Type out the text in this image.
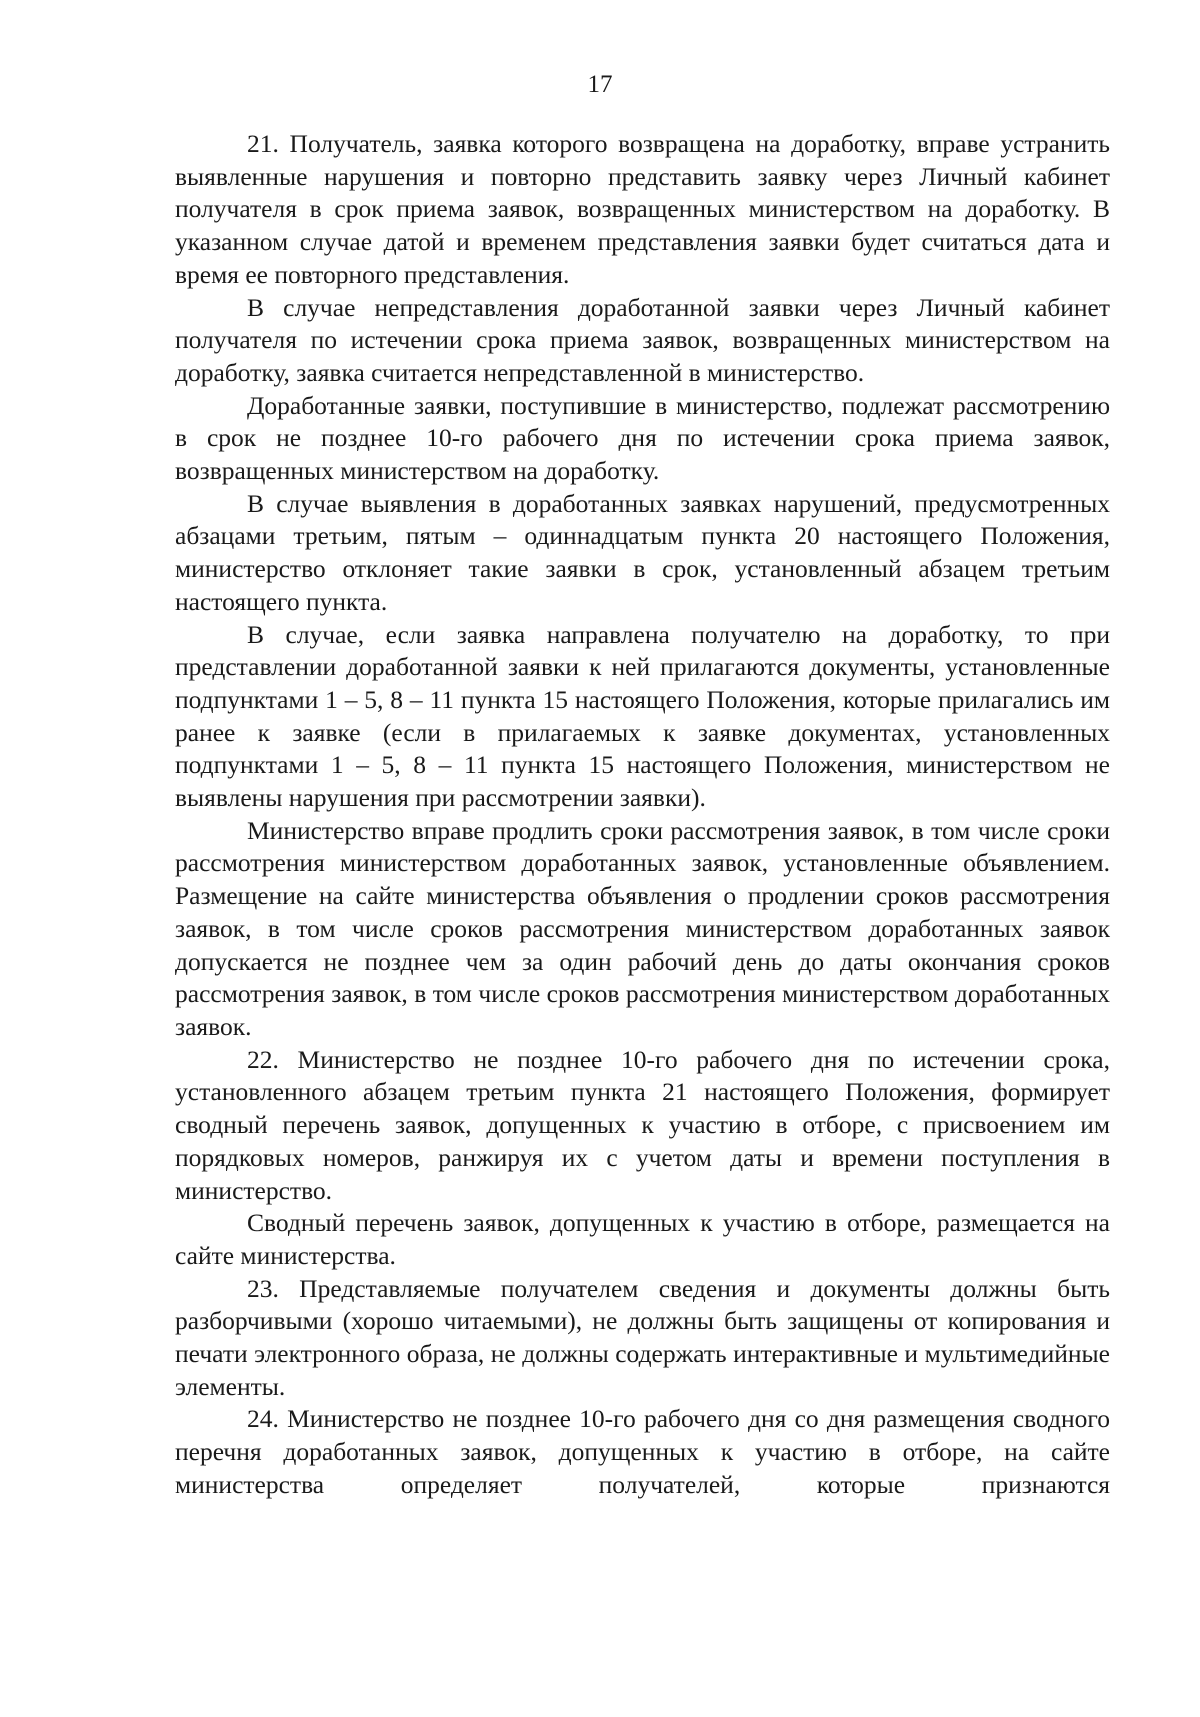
17

21. Получатель, заявка которого возвращена на доработку, вправе устранить выявленные нарушения и повторно представить заявку через Личный кабинет получателя в срок приема заявок, возвращенных министерством на доработку. В указанном случае датой и временем представления заявки будет считаться дата и время ее повторного представления.

В случае непредставления доработанной заявки через Личный кабинет получателя по истечении срока приема заявок, возвращенных министерством на доработку, заявка считается непредставленной в министерство.

Доработанные заявки, поступившие в министерство, подлежат рассмотрению в срок не позднее 10-го рабочего дня по истечении срока приема заявок, возвращенных министерством на доработку.

В случае выявления в доработанных заявках нарушений, предусмотренных абзацами третьим, пятым – одиннадцатым пункта 20 настоящего Положения, министерство отклоняет такие заявки в срок, установленный абзацем третьим настоящего пункта.

В случае, если заявка направлена получателю на доработку, то при представлении доработанной заявки к ней прилагаются документы, установленные подпунктами 1 – 5, 8 – 11 пункта 15 настоящего Положения, которые прилагались им ранее к заявке (если в прилагаемых к заявке документах, установленных подпунктами 1 – 5, 8 – 11 пункта 15 настоящего Положения, министерством не выявлены нарушения при рассмотрении заявки).

Министерство вправе продлить сроки рассмотрения заявок, в том числе сроки рассмотрения министерством доработанных заявок, установленные объявлением. Размещение на сайте министерства объявления о продлении сроков рассмотрения заявок, в том числе сроков рассмотрения министерством доработанных заявок допускается не позднее чем за один рабочий день до даты окончания сроков рассмотрения заявок, в том числе сроков рассмотрения министерством доработанных заявок.

22. Министерство не позднее 10-го рабочего дня по истечении срока, установленного абзацем третьим пункта 21 настоящего Положения, формирует сводный перечень заявок, допущенных к участию в отборе, с присвоением им порядковых номеров, ранжируя их с учетом даты и времени поступления в министерство.

Сводный перечень заявок, допущенных к участию в отборе, размещается на сайте министерства.

23. Представляемые получателем сведения и документы должны быть разборчивыми (хорошо читаемыми), не должны быть защищены от копирования и печати электронного образа, не должны содержать интерактивные и мультимедийные элементы.

24. Министерство не позднее 10-го рабочего дня со дня размещения сводного перечня доработанных заявок, допущенных к участию в отборе, на сайте министерства определяет получателей, которые признаются
